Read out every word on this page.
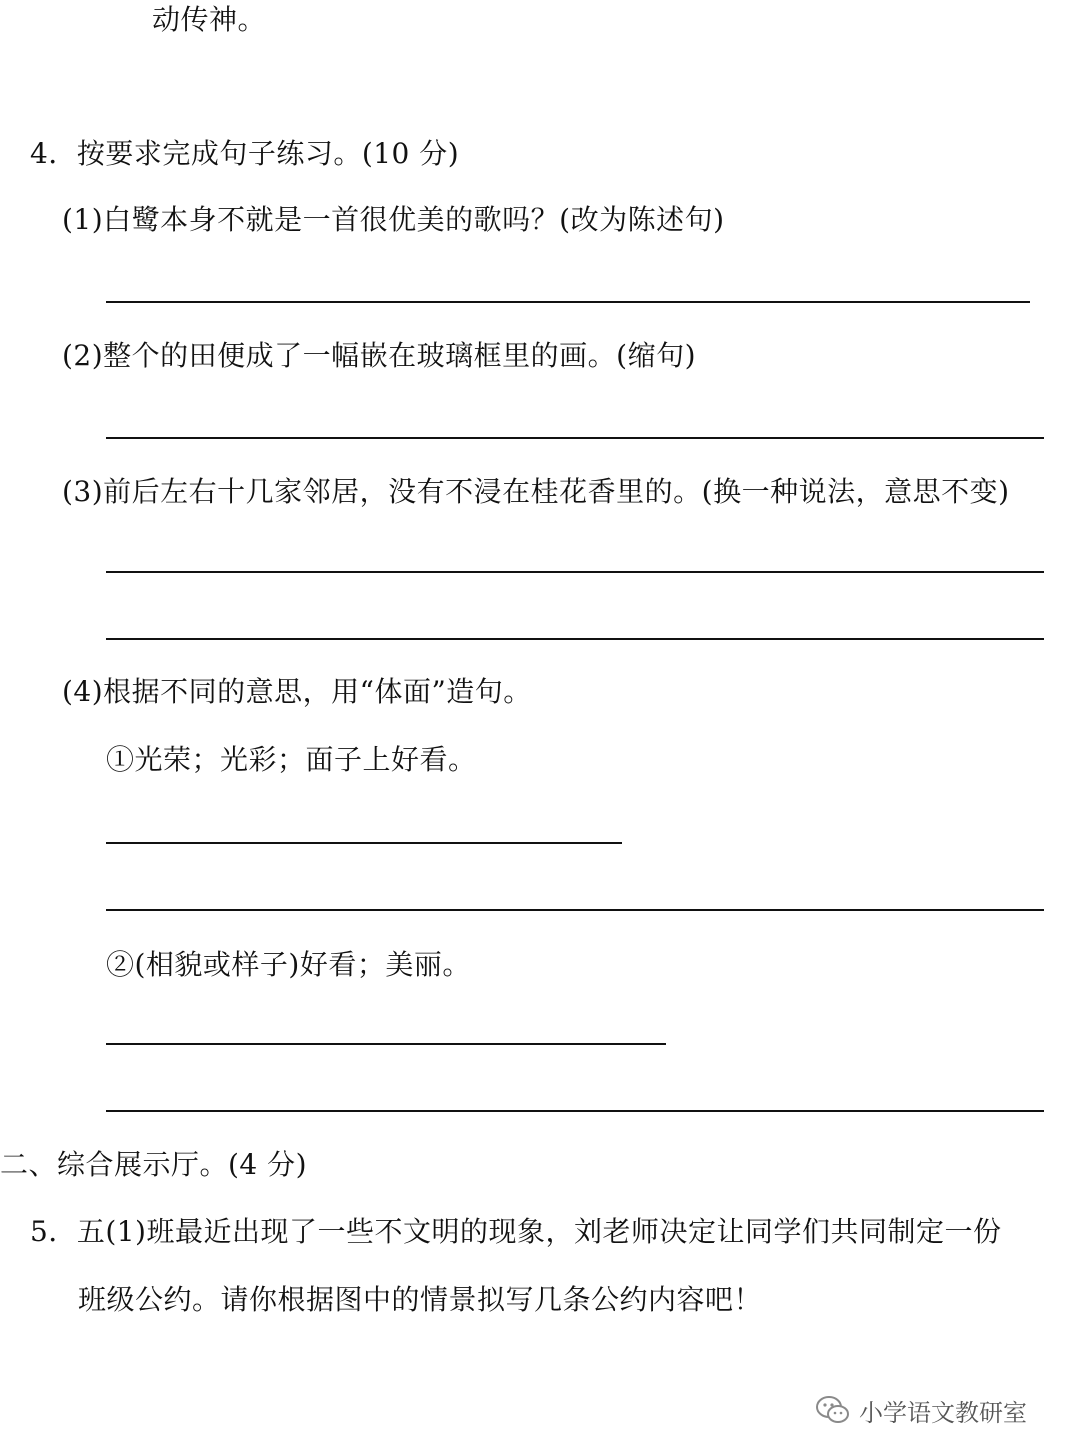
动传神。
4．按要求完成句子练习。(10 分)
(1)白鹭本身不就是一首很优美的歌吗？(改为陈述句)
(2)整个的田便成了一幅嵌在玻璃框里的画。(缩句)
(3)前后左右十几家邻居，没有不浸在桂花香里的。(换一种说法，意思不变)
(4)根据不同的意思，用“体面”造句。
①光荣；光彩；面子上好看。
②(相貌或样子)好看；美丽。
二、综合展示厅。(4 分)
5．五(1)班最近出现了一些不文明的现象，刘老师决定让同学们共同制定一份
班级公约。请你根据图中的情景拟写几条公约内容吧！
小学语文教研室
